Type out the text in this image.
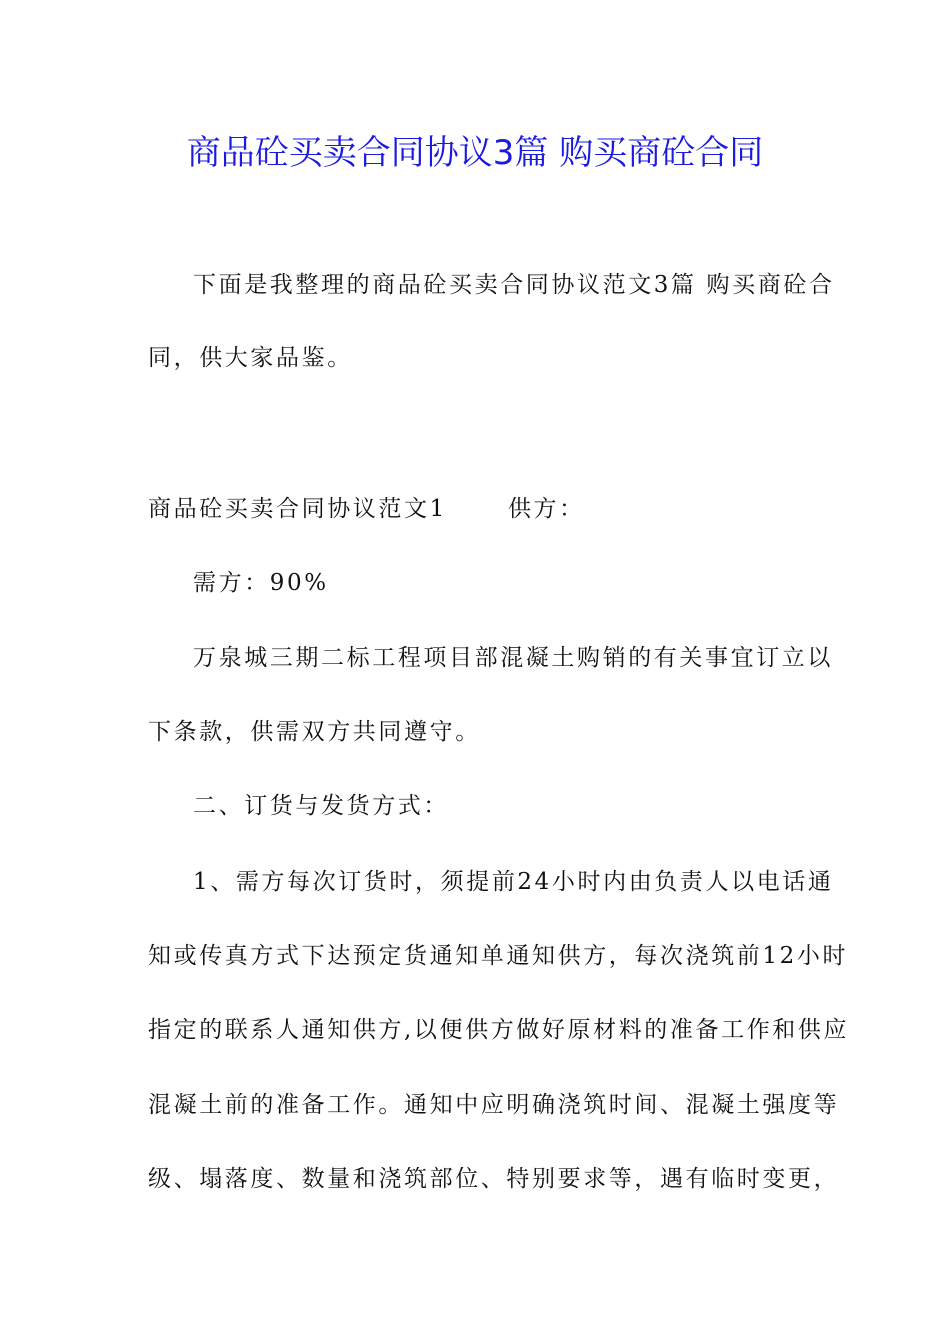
商品砼买卖合同协议3篇 购买商砼合同

下面是我整理的商品砼买卖合同协议范文3篇 购买商砼合

同，供大家品鉴。

商品砼买卖合同协议范文1　　 供方：

需方：90%

万泉城三期二标工程项目部混凝土购销的有关事宜订立以

下条款，供需双方共同遵守。

二、订货与发货方式：

1、需方每次订货时，须提前24小时内由负责人以电话通

知或传真方式下达预定货通知单通知供方，每次浇筑前12小时

指定的联系人通知供方,以便供方做好原材料的准备工作和供应

混凝土前的准备工作。通知中应明确浇筑时间、混凝土强度等

级、塌落度、数量和浇筑部位、特别要求等，遇有临时变更，
